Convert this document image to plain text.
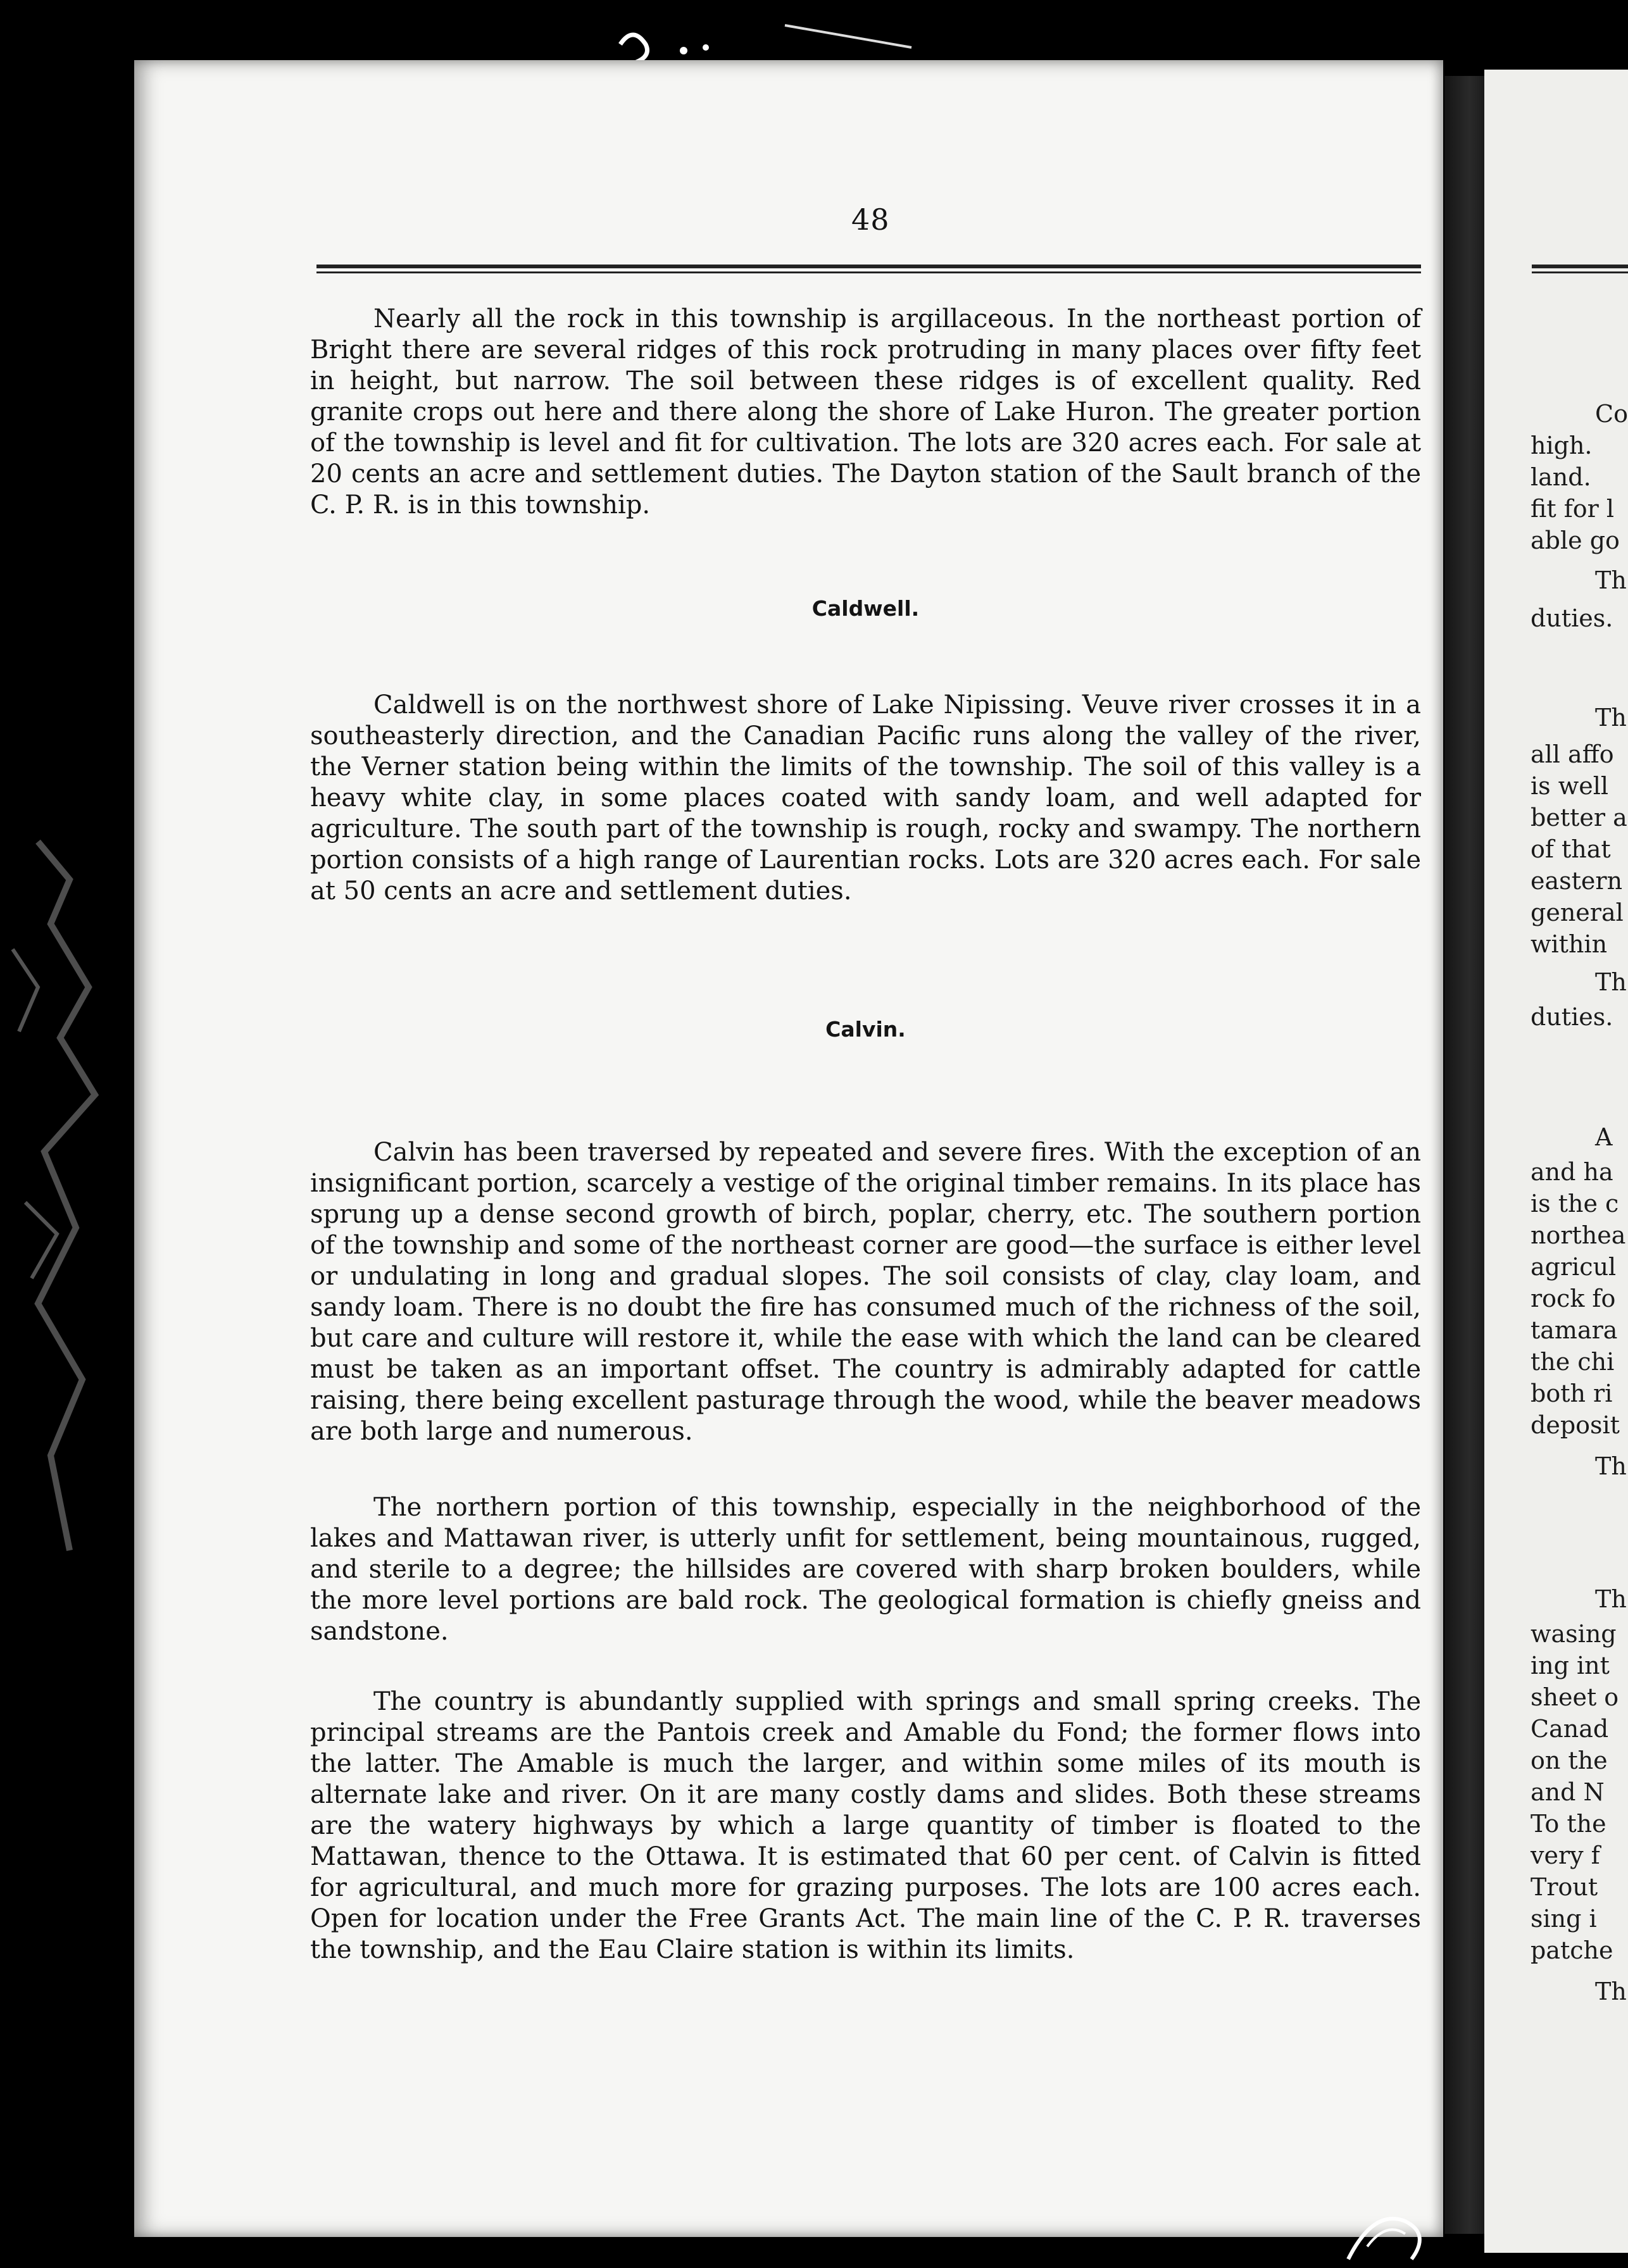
48

Nearly all the rock in this township is argillaceous. In the northeast portion of Bright there are several ridges of this rock protruding in many places over fifty feet in height, but narrow. The soil between these ridges is of excellent quality. Red granite crops out here and there along the shore of Lake Huron. The greater portion of the township is level and fit for cultivation. The lots are 320 acres each. For sale at 20 cents an acre and settlement duties. The Dayton station of the Sault branch of the C. P. R. is in this township.

Caldwell.

Caldwell is on the northwest shore of Lake Nipissing. Veuve river crosses it in a southeasterly direction, and the Canadian Pacific runs along the valley of the river, the Verner station being within the limits of the township. The soil of this valley is a heavy white clay, in some places coated with sandy loam, and well adapted for agriculture. The south part of the township is rough, rocky and swampy. The northern portion consists of a high range of Laurentian rocks. Lots are 320 acres each. For sale at 50 cents an acre and settlement duties.

Calvin.

Calvin has been traversed by repeated and severe fires. With the exception of an insignificant portion, scarcely a vestige of the original timber remains. In its place has sprung up a dense second growth of birch, poplar, cherry, etc. The southern portion of the township and some of the northeast corner are good—the surface is either level or undulating in long and gradual slopes. The soil consists of clay, clay loam, and sandy loam. There is no doubt the fire has consumed much of the richness of the soil, but care and culture will restore it, while the ease with which the land can be cleared must be taken as an important offset. The country is admirably adapted for cattle raising, there being excellent pasturage through the wood, while the beaver meadows are both large and numerous.

The northern portion of this township, especially in the neighborhood of the lakes and Mattawan river, is utterly unfit for settlement, being mountainous, rugged, and sterile to a degree; the hillsides are covered with sharp broken boulders, while the more level portions are bald rock. The geological formation is chiefly gneiss and sandstone.

The country is abundantly supplied with springs and small spring creeks. The principal streams are the Pantois creek and Amable du Fond; the former flows into the latter. The Amable is much the larger, and within some miles of its mouth is alternate lake and river. On it are many costly dams and slides. Both these streams are the watery highways by which a large quantity of timber is floated to the Mattawan, thence to the Ottawa. It is estimated that 60 per cent. of Calvin is fitted for agricultural, and much more for grazing purposes. The lots are 100 acres each. Open for location under the Free Grants Act. The main line of the C. P. R. traverses the township, and the Eau Claire station is within its limits.

Co
high.
land.
fit for l
able go
Th
duties.
Th
all affo
is well
better a
of that
eastern
general
within
Th
duties.
A
and ha
is the c
northea
agricul
rock fo
tamara
the chi
both ri
deposit
Th
Th
wasing
ing int
sheet o
Canad
on the
and N
To the
very f
Trout
sing i
patche
Th
